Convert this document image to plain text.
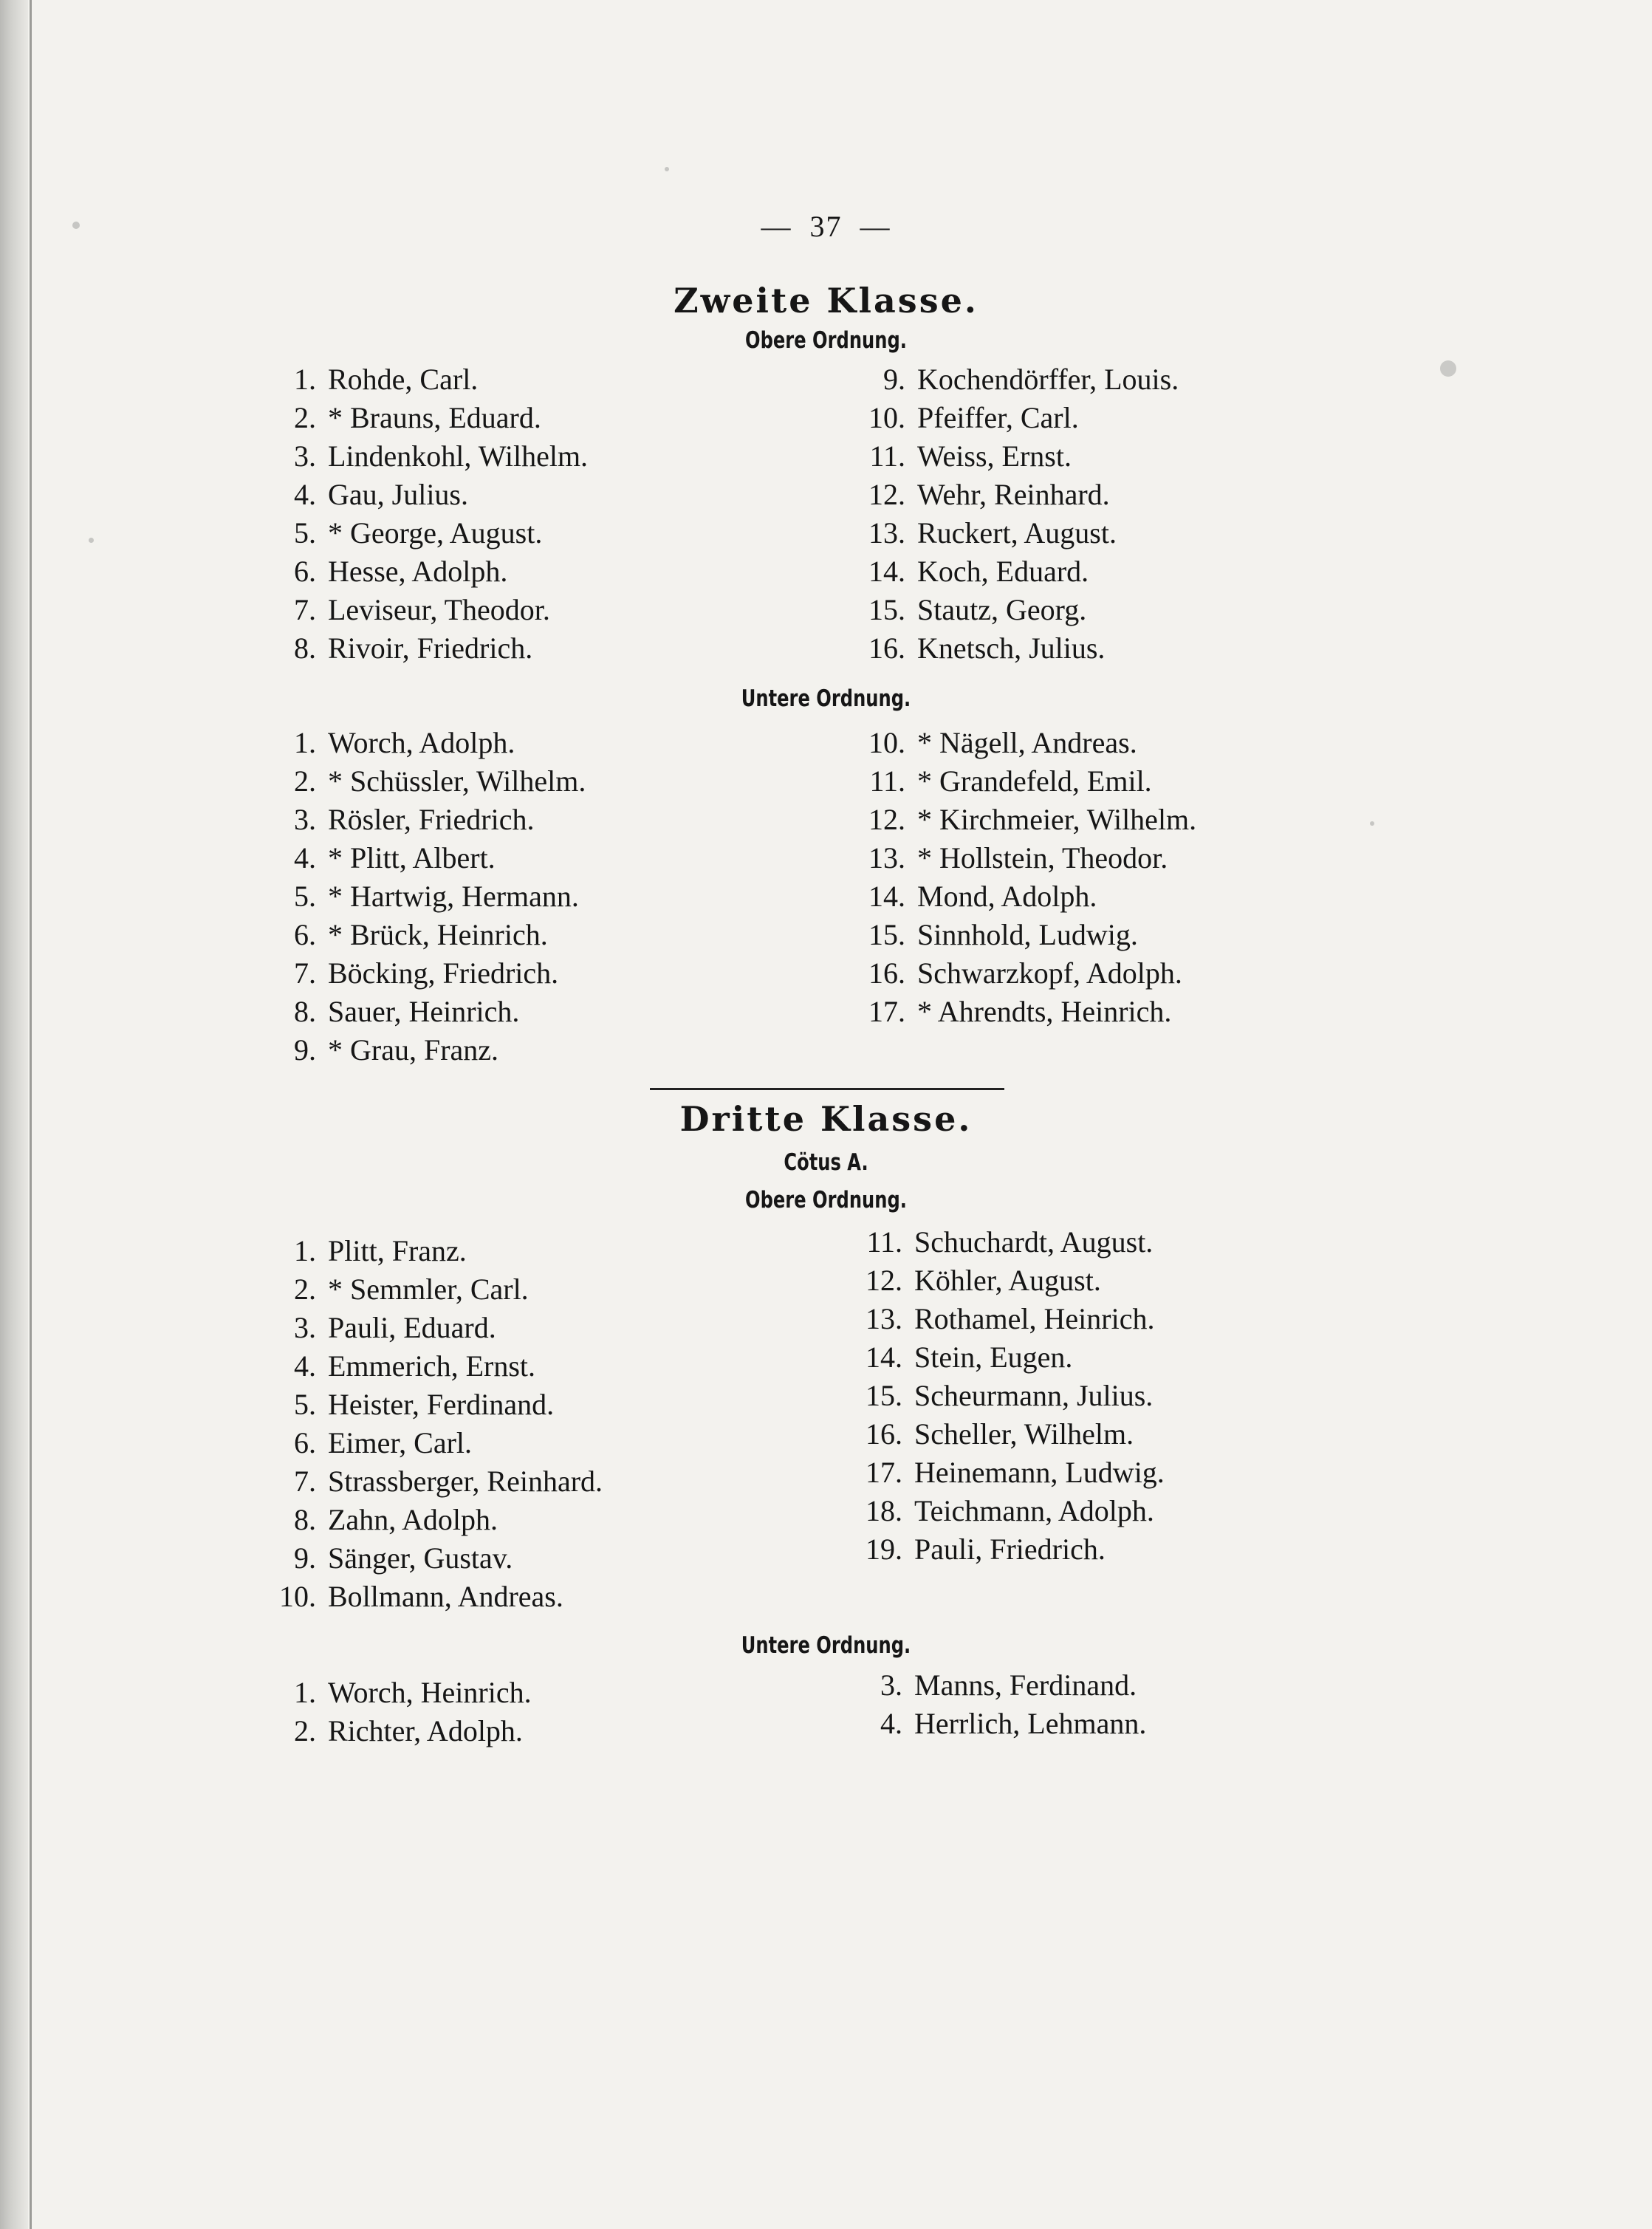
— 37 —
Zweite Klasse.
Obere Ordnung.
1. Rohde, Carl.
2. * Brauns, Eduard.
3. Lindenkohl, Wilhelm.
4. Gau, Julius.
5. * George, August.
6. Hesse, Adolph.
7. Leviseur, Theodor.
8. Rivoir, Friedrich.
9. Kochendörffer, Louis.
10. Pfeiffer, Carl.
11. Weiss, Ernst.
12. Wehr, Reinhard.
13. Ruckert, August.
14. Koch, Eduard.
15. Stautz, Georg.
16. Knetsch, Julius.
Untere Ordnung.
1. Worch, Adolph.
2. * Schüssler, Wilhelm.
3. Rösler, Friedrich.
4. * Plitt, Albert.
5. * Hartwig, Hermann.
6. * Brück, Heinrich.
7. Böcking, Friedrich.
8. Sauer, Heinrich.
9. * Grau, Franz.
10. * Nägell, Andreas.
11. * Grandefeld, Emil.
12. * Kirchmeier, Wilhelm.
13. * Hollstein, Theodor.
14. Mond, Adolph.
15. Sinnhold, Ludwig.
16. Schwarzkopf, Adolph.
17. * Ahrendts, Heinrich.
Dritte Klasse.
Cötus A.
Obere Ordnung.
1. Plitt, Franz.
2. * Semmler, Carl.
3. Pauli, Eduard.
4. Emmerich, Ernst.
5. Heister, Ferdinand.
6. Eimer, Carl.
7. Strassberger, Reinhard.
8. Zahn, Adolph.
9. Sänger, Gustav.
10. Bollmann, Andreas.
11. Schuchardt, August.
12. Köhler, August.
13. Rothamel, Heinrich.
14. Stein, Eugen.
15. Scheurmann, Julius.
16. Scheller, Wilhelm.
17. Heinemann, Ludwig.
18. Teichmann, Adolph.
19. Pauli, Friedrich.
Untere Ordnung.
1. Worch, Heinrich.
2. Richter, Adolph.
3. Manns, Ferdinand.
4. Herrlich, Lehmann.
